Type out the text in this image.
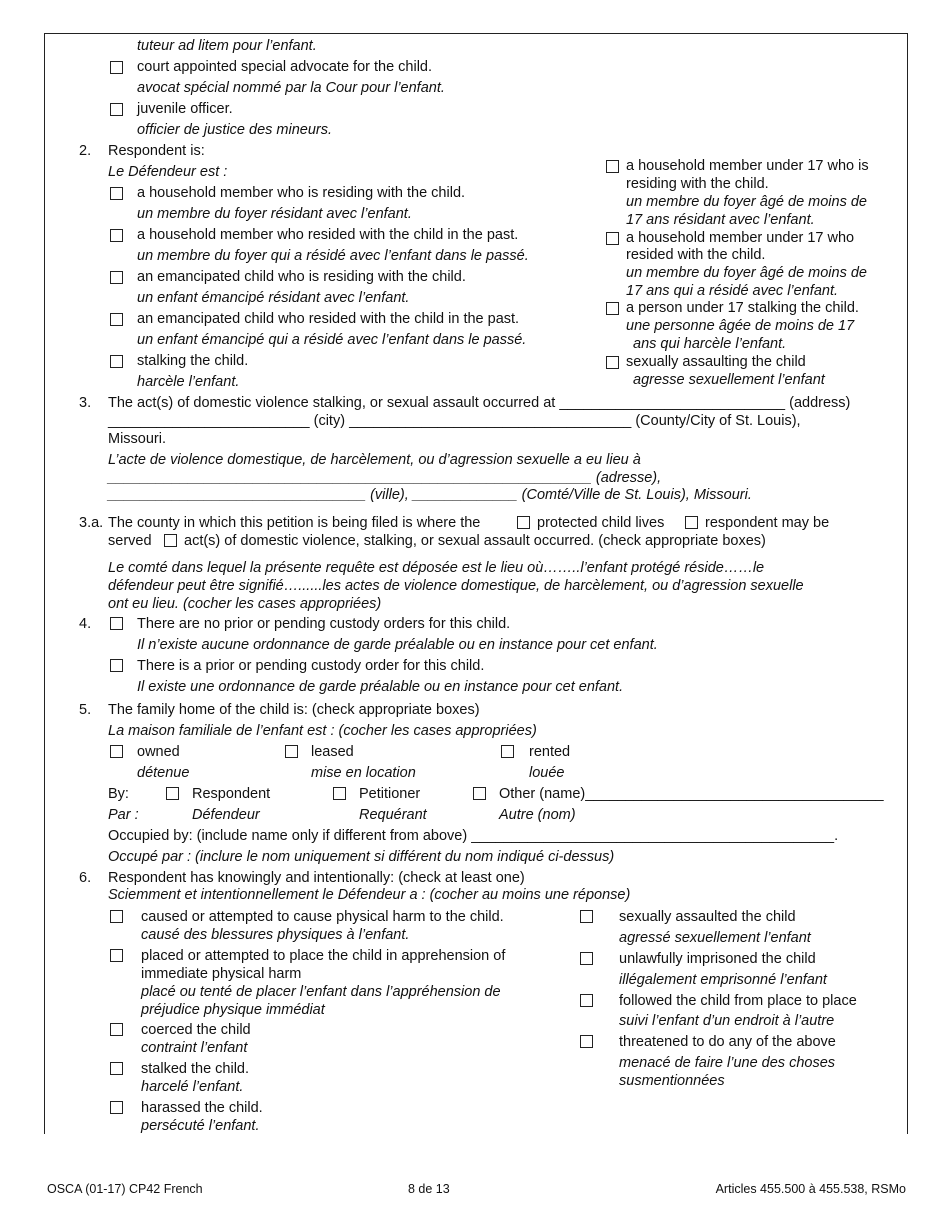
tuteur ad litem pour l’enfant.
court appointed special advocate for the child.
avocat spécial nommé par la Cour pour l’enfant.
juvenile officer.
officier de justice des mineurs.
2. Respondent is:
Le Défendeur est :
a household member who is residing with the child.
un membre du foyer résidant avec l’enfant.
a household member who resided with the child in the past.
un membre du foyer qui a résidé avec l’enfant dans le passé.
an emancipated child who is residing with the child.
un enfant émancipé résidant avec l’enfant.
an emancipated child who resided with the child in the past.
un enfant émancipé qui a résidé avec l’enfant dans le passé.
stalking the child.
harcèle l’enfant.
a household member under 17 who is
residing with the child.
un membre du foyer âgé de moins de
17 ans résidant avec l’enfant.
a household member under 17 who
resided with the child.
un membre du foyer âgé de moins de
17 ans qui a résidé avec l’enfant.
a person under 17 stalking the child.
une personne âgée de moins de 17
ans qui harcèle l’enfant.
sexually assaulting the child
agresse sexuellement l’enfant
3. The act(s) of domestic violence stalking, or sexual assault occurred at ____________________________ (address)
_________________________ (city) ___________________________________ (County/City of St. Louis),
Missouri.
L’acte de violence domestique, de harcèlement, ou d’agression sexuelle a eu lieu à
____________________________________________________________ (adresse),
________________________________ (ville), _____________ (Comté/Ville de St. Louis), Missouri.
3.a. The county in which this petition is being filed is where the	protected child lives	respondent may be
served act(s) of domestic violence, stalking, or sexual assault occurred. (check appropriate boxes)
Le comté dans lequel la présente requête est déposée est le lieu où……..l’enfant protégé réside……le
défendeur peut être signifié…......les actes de violence domestique, de harcèlement, ou d’agression sexuelle
ont eu lieu. (cocher les cases appropriées)
4.	There are no prior or pending custody orders for this child.
Il n’existe aucune ordonnance de garde préalable ou en instance pour cet enfant.
There is a prior or pending custody order for this child.
Il existe une ordonnance de garde préalable ou en instance pour cet enfant.
5. The family home of the child is: (check appropriate boxes)
La maison familiale de l’enfant est : (cocher les cases appropriées)
owned
détenue
leased
mise en location
rented
louée
By:
Par :
Respondent
Défendeur
Petitioner
Requérant
Other (name)_____________________________________
Autre (nom)
Occupied by: (include name only if different from above) _____________________________________________.
Occupé par : (inclure le nom uniquement si différent du nom indiqué ci-dessus)
6. Respondent has knowingly and intentionally: (check at least one)
Sciemment et intentionnellement le Défendeur a : (cocher au moins une réponse)
caused or attempted to cause physical harm to the child.
causé des blessures physiques à l’enfant.
placed or attempted to place the child in apprehension of
immediate physical harm
placé ou tenté de placer l’enfant dans l’appréhension de
préjudice physique immédiat
coerced the child
contraint l’enfant
stalked the child.
harcelé l’enfant.
harassed the child.
persécuté l’enfant.
sexually assaulted the child
agressé sexuellement l’enfant
unlawfully imprisoned the child
illégalement emprisonné l’enfant
followed the child from place to place
suivi l’enfant d’un endroit à l’autre
threatened to do any of the above
menacé de faire l’une des choses
susmentionnées
OSCA (01-17) CP42 French	8 de 13	Articles 455.500 à 455.538, RSMo
